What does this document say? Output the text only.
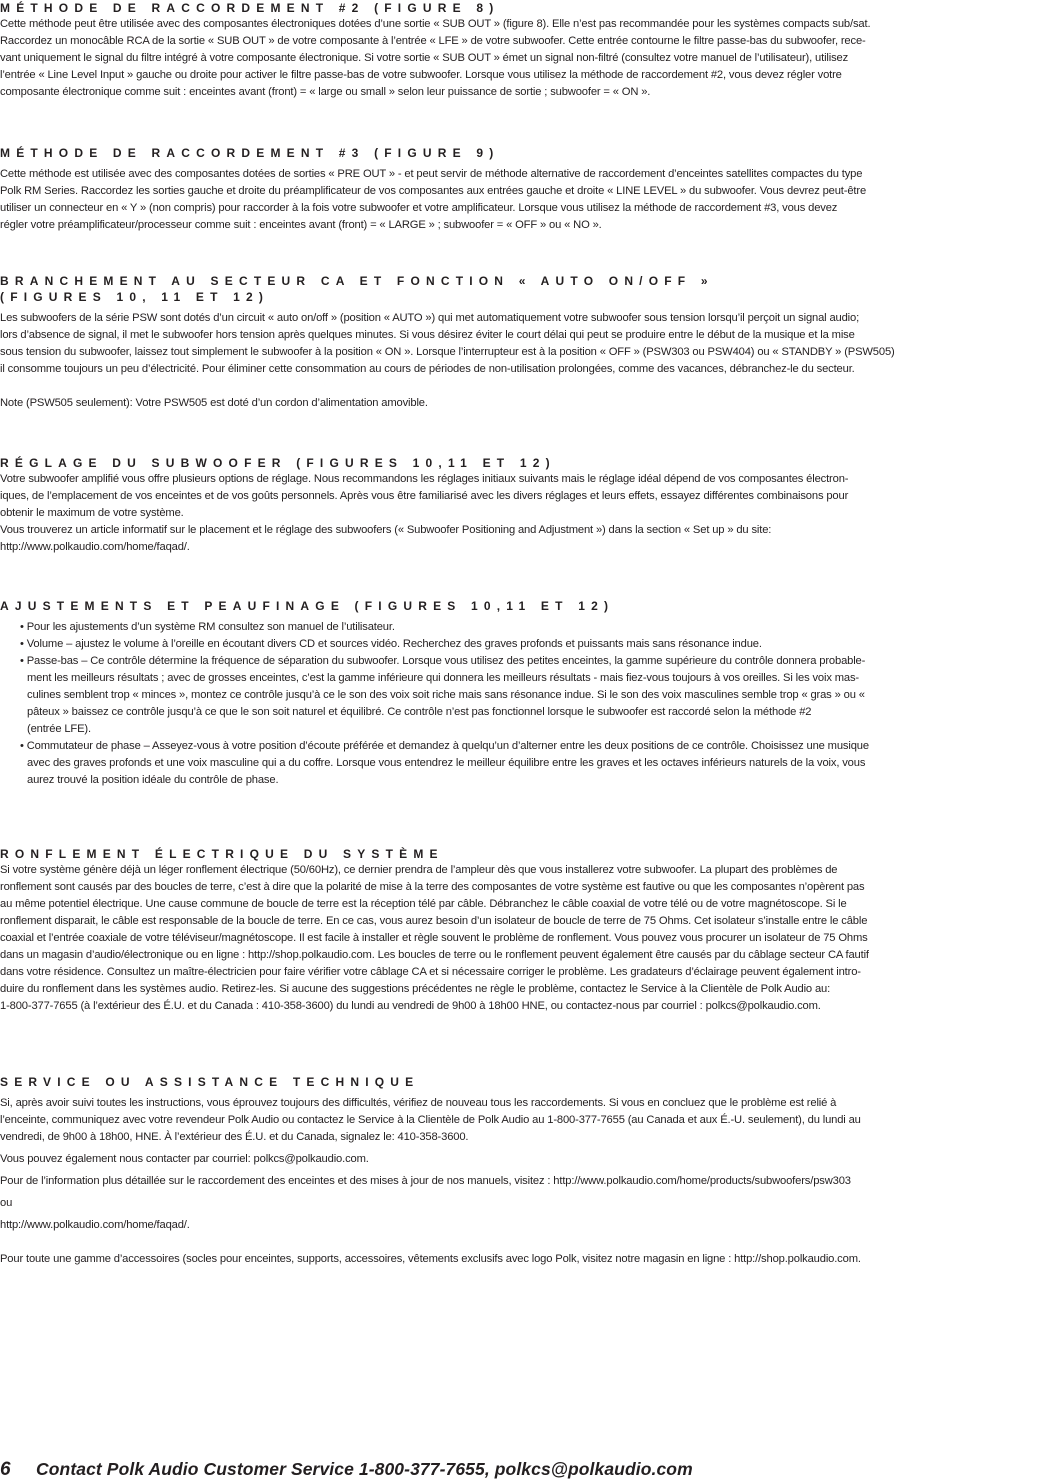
MÉTHODE DE RACCORDEMENT #2 (FIGURE 8)

Cette méthode peut être utilisée avec des composantes électroniques dotées d’une sortie « SUB OUT » (figure 8). Elle n’est pas recommandée pour les systèmes compacts sub/sat.
Raccordez un monocâble RCA de la sortie « SUB OUT » de votre composante à l’entrée « LFE » de votre subwoofer. Cette entrée contourne le filtre passe-bas du subwoofer, rece-
vant uniquement le signal du filtre intégré à votre composante électronique. Si votre sortie « SUB OUT » émet un signal non-filtré (consultez votre manuel de l’utilisateur), utilisez
l’entrée « Line Level Input » gauche ou droite pour activer le filtre passe-bas de votre subwoofer. Lorsque vous utilisez la méthode de raccordement #2, vous devez régler votre
composante électronique comme suit : enceintes avant (front) = « large ou small » selon leur puissance de sortie ; subwoofer = « ON ».

MÉTHODE DE RACCORDEMENT #3 (FIGURE 9)

Cette méthode est utilisée avec des composantes dotées de sorties « PRE OUT » - et peut servir de méthode alternative de raccordement d’enceintes satellites compactes du type
Polk RM Series. Raccordez les sorties gauche et droite du préamplificateur de vos composantes aux entrées gauche et droite « LINE LEVEL » du subwoofer. Vous devrez peut-être
utiliser un connecteur en « Y » (non compris) pour raccorder à la fois votre subwoofer et votre amplificateur. Lorsque vous utilisez la méthode de raccordement #3, vous devez
régler votre préamplificateur/processeur comme suit : enceintes avant (front) = « LARGE » ; subwoofer = « OFF » ou « NO ».

BRANCHEMENT AU SECTEUR CA ET FONCTION « AUTO ON/OFF »
(FIGURES 10, 11 ET 12)

Les subwoofers de la série PSW sont dotés d’un circuit « auto on/off » (position « AUTO ») qui met automatiquement votre subwoofer sous tension lorsqu’il perçoit un signal audio;
lors d’absence de signal, il met le subwoofer hors tension après quelques minutes. Si vous désirez éviter le court délai qui peut se produire entre le début de la musique et la mise
sous tension du subwoofer, laissez tout simplement le subwoofer à la position « ON ». Lorsque l’interrupteur est à la position « OFF » (PSW303 ou PSW404) ou « STANDBY » (PSW505)
il consomme toujours un peu d’électricité. Pour éliminer cette consommation au cours de périodes de non-utilisation prolongées, comme des vacances, débranchez-le du secteur.

Note (PSW505 seulement): Votre PSW505 est doté d’un cordon d’alimentation amovible.

RÉGLAGE DU SUBWOOFER (FIGURES 10,11 ET 12)

Votre subwoofer amplifié vous offre plusieurs options de réglage. Nous recommandons les réglages initiaux suivants mais le réglage idéal dépend de vos composantes électron-
iques, de l’emplacement de vos enceintes et de vos goûts personnels. Après vous être familiarisé avec les divers réglages et leurs effets, essayez différentes combinaisons pour
obtenir le maximum de votre système.
Vous trouverez un article informatif sur le placement et le réglage des subwoofers (« Subwoofer Positioning and Adjustment ») dans la section « Set up » du site:
http://www.polkaudio.com/home/faqad/.

AJUSTEMENTS ET PEAUFINAGE (FIGURES 10,11 ET 12)
• Pour les ajustements d’un système RM consultez son manuel de l’utilisateur.
• Volume – ajustez le volume à l’oreille en écoutant divers CD et sources vidéo. Recherchez des graves profonds et puissants mais sans résonance indue.
• Passe-bas – Ce contrôle détermine la fréquence de séparation du subwoofer. Lorsque vous utilisez des petites enceintes, la gamme supérieure du contrôle donnera probable-
ment les meilleurs résultats ; avec de grosses enceintes, c’est la gamme inférieure qui donnera les meilleurs résultats - mais fiez-vous toujours à vos oreilles. Si les voix mas-
culines semblent trop « minces », montez ce contrôle jusqu’à ce le son des voix soit riche mais sans résonance indue. Si le son des voix masculines semble trop « gras » ou «
pâteux » baissez ce contrôle jusqu’à ce que le son soit naturel et équilibré. Ce contrôle n’est pas fonctionnel lorsque le subwoofer est raccordé selon la méthode #2
(entrée LFE).
• Commutateur de phase – Asseyez-vous à votre position d’écoute préférée et demandez à quelqu’un d’alterner entre les deux positions de ce contrôle. Choisissez une musique
avec des graves profonds et une voix masculine qui a du coffre. Lorsque vous entendrez le meilleur équilibre entre les graves et les octaves inférieurs naturels de la voix, vous
aurez trouvé la position idéale du contrôle de phase.
RONFLEMENT ÉLECTRIQUE DU SYSTÈME

Si votre système génère déjà un léger ronflement électrique (50/60Hz), ce dernier prendra de l’ampleur dès que vous installerez votre subwoofer. La plupart des problèmes de
ronflement sont causés par des boucles de terre, c’est à dire que la polarité de mise à la terre des composantes de votre système est fautive ou que les composantes n’opèrent pas
au même potentiel électrique. Une cause commune de boucle de terre est la réception télé par câble. Débranchez le câble coaxial de votre télé ou de votre magnétoscope. Si le
ronflement disparait, le câble est responsable de la boucle de terre. En ce cas, vous aurez besoin d’un isolateur de boucle de terre de 75 Ohms. Cet isolateur s’installe entre le câble
coaxial et l’entrée coaxiale de votre téléviseur/magnétoscope. Il est facile à installer et règle souvent le problème de ronflement. Vous pouvez vous procurer un isolateur de 75 Ohms
dans un magasin d’audio/électronique ou en ligne : http://shop.polkaudio.com. Les boucles de terre ou le ronflement peuvent également être causés par du câblage secteur CA fautif
dans votre résidence. Consultez un maître-électricien pour faire vérifier votre câblage CA et si nécessaire corriger le problème. Les gradateurs d’éclairage peuvent également intro-
duire du ronflement dans les systèmes audio. Retirez-les. Si aucune des suggestions précédentes ne règle le problème, contactez le Service à la Clientèle de Polk Audio au:
1-800-377-7655 (à l’extérieur des É.U. et du Canada : 410-358-3600) du lundi au vendredi de 9h00 à 18h00 HNE, ou contactez-nous par courriel : polkcs@polkaudio.com.

SERVICE OU ASSISTANCE TECHNIQUE

Si, après avoir suivi toutes les instructions, vous éprouvez toujours des difficultés, vérifiez de nouveau tous les raccordements. Si vous en concluez que le problème est relié à
l’enceinte, communiquez avec votre revendeur Polk Audio ou contactez le Service à la Clientèle de Polk Audio au 1-800-377-7655 (au Canada et aux É.-U. seulement), du lundi au
vendredi, de 9h00 à 18h00, HNE. À l’extérieur des É.U. et du Canada, signalez le: 410-358-3600.

Vous pouvez également nous contacter par courriel: polkcs@polkaudio.com.

Pour de l’information plus détaillée sur le raccordement des enceintes et des mises à jour de nos manuels, visitez : http://www.polkaudio.com/home/products/subwoofers/psw303

ou

http://www.polkaudio.com/home/faqad/.

Pour toute une gamme d’accessoires (socles pour enceintes, supports, accessoires, vêtements exclusifs avec logo Polk, visitez notre magasin en ligne : http://shop.polkaudio.com.

6	Contact Polk Audio Customer Service 1-800-377-7655, polkcs@polkaudio.com
